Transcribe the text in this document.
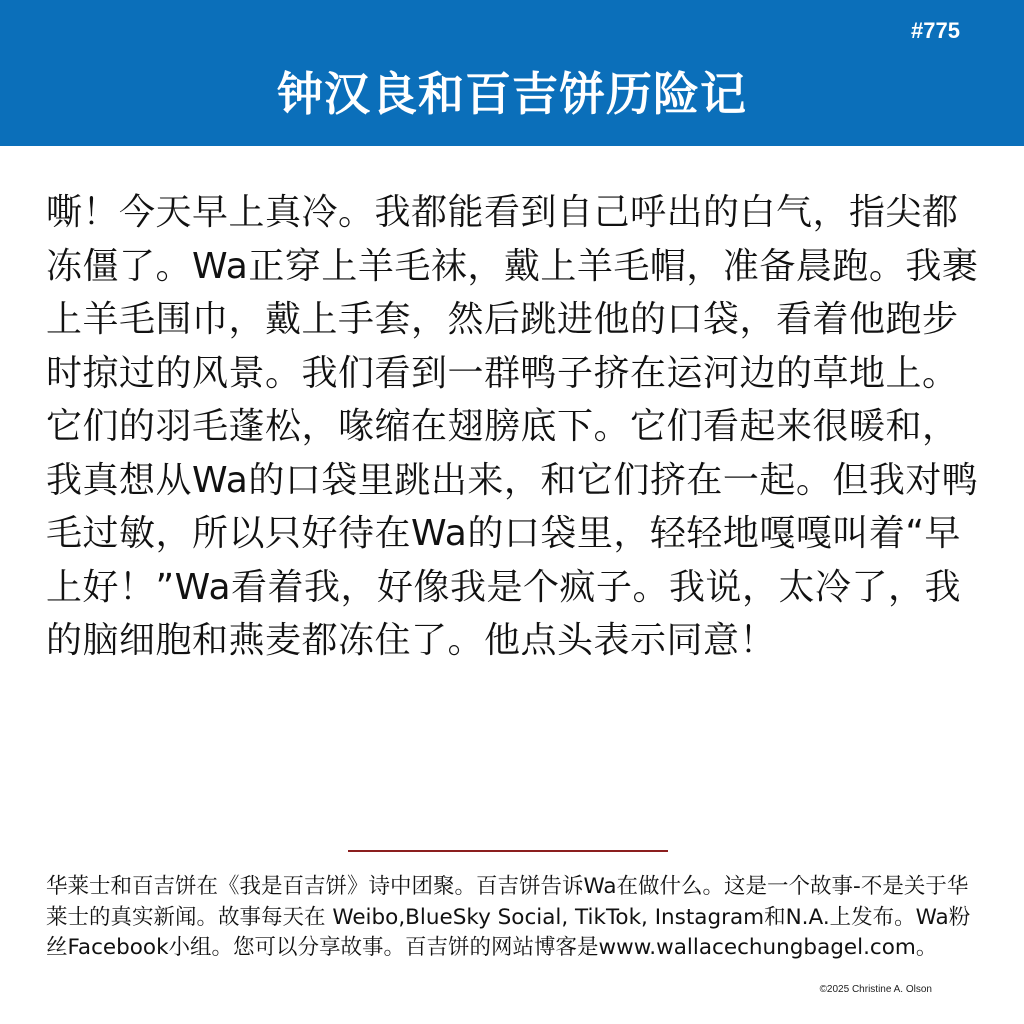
#775
钟汉良和百吉饼历险记

嘶！今天早上真冷。我都能看到自己呼出的白气，指尖都冻僵了。Wa正穿上羊毛袜，戴上羊毛帽，准备晨跑。我裹上羊毛围巾，戴上手套，然后跳进他的口袋，看着他跑步时掠过的风景。我们看到一群鸭子挤在运河边的草地上。它们的羽毛蓬松，喙缩在翅膀底下。它们看起来很暖和，我真想从Wa的口袋里跳出来，和它们挤在一起。但我对鸭毛过敏，所以只好待在Wa的口袋里，轻轻地嘎嘎叫着“早上好！”Wa看着我，好像我是个疯子。我说，太冷了，我的脑细胞和燕麦都冻住了。他点头表示同意！

华莱士和百吉饼在《我是百吉饼》诗中团聚。百吉饼告诉Wa在做什么。这是一个故事-不是关于华莱士的真实新闻。故事每天在 Weibo,BlueSky Social, TikTok, Instagram和N.A.上发布。Wa粉丝Facebook小组。您可以分享故事。百吉饼的网站博客是www.wallacechungbagel.com。

©2025 Christine A. Olson
